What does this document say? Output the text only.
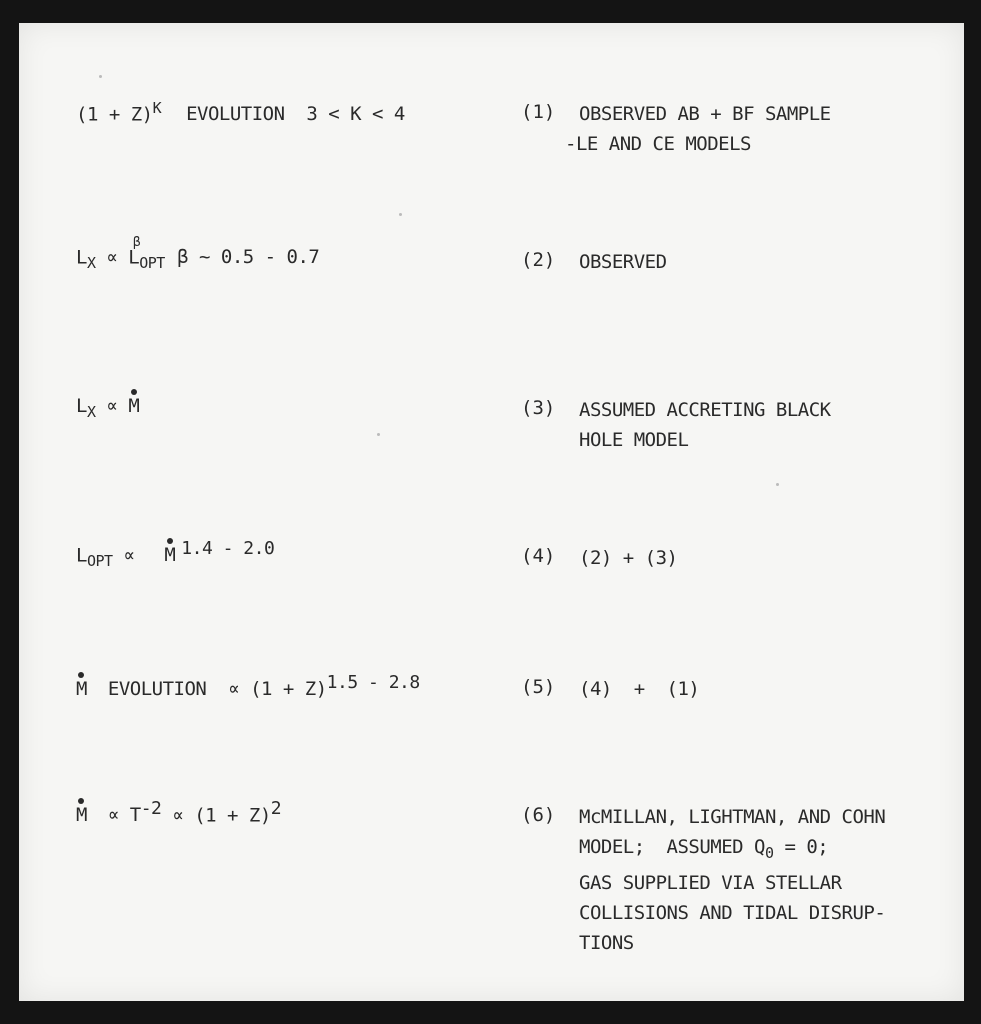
$(1 + Z)^K$ EVOLUTION  3 < K < 4	(1) OBSERVED AB + BF SAMPLE
-LE AND CE MODELS
$L_X \propto L_{OPT}^\beta$ β ~ 0.5 - 0.7	(2) OBSERVED
$L_X \propto M$	(3) ASSUMED ACCRETING BLACK
HOLE MODEL
$L_{OPT} \propto M$ $^{1.4 - 2.0}$	(4) (2) + (3)
M EVOLUTION  ∝ $(1 + Z)^{1.5 - 2.8}$	(5) (4)  +  (1)
$M \propto T^{-2} \propto (1 + Z)^2$	(6) McMILLAN, LIGHTMAN, AND COHN
MODEL;  ASSUMED $Q_0 = 0$;
GAS SUPPLIED VIA STELLAR
COLLISIONS AND TIDAL DISRUP-
TIONS
